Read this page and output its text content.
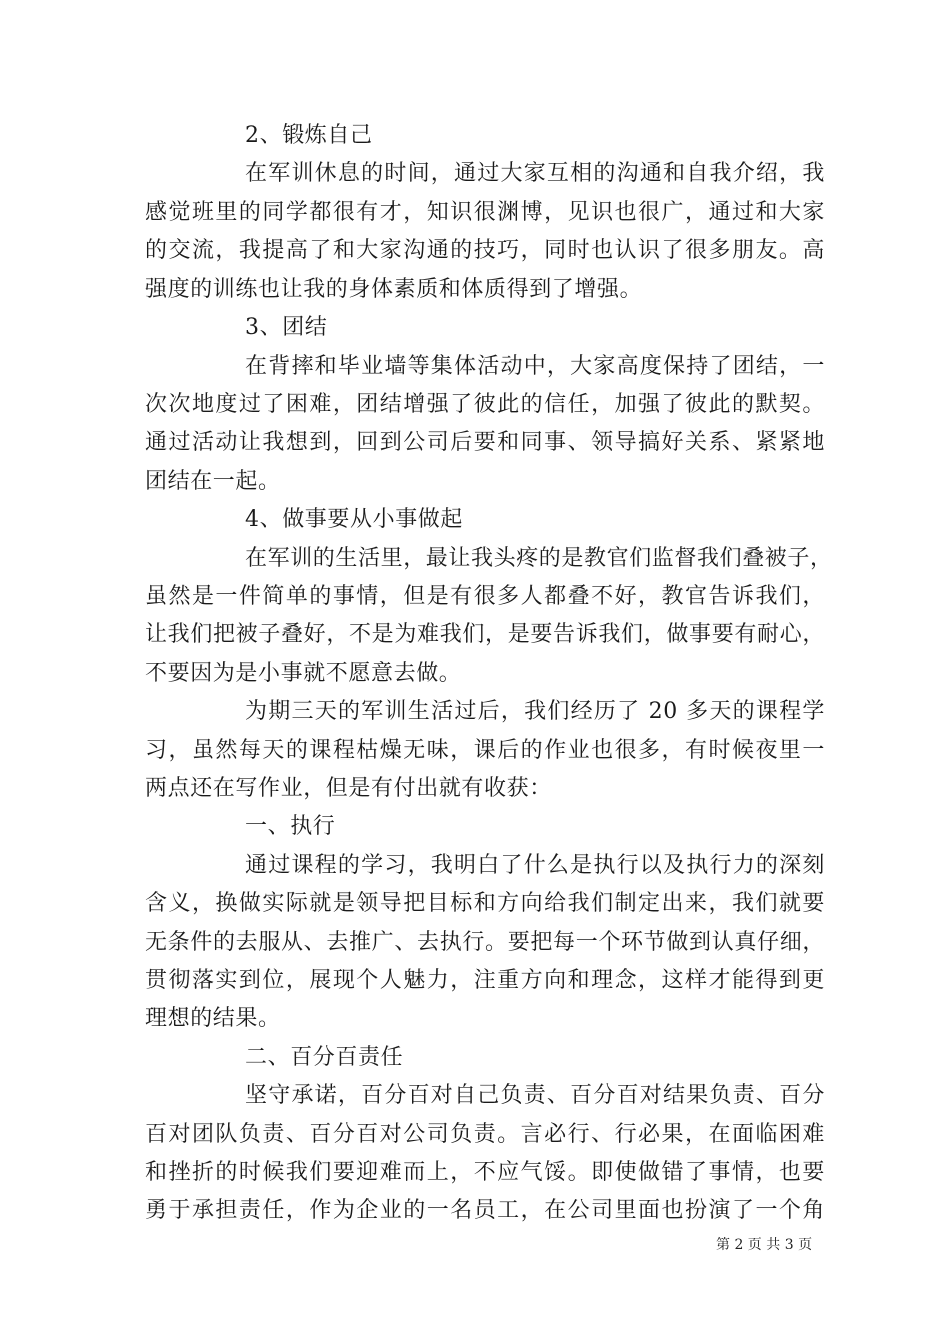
2、锻炼自己
在军训休息的时间，通过大家互相的沟通和自我介绍，我
感觉班里的同学都很有才，知识很渊博，见识也很广，通过和大家
的交流，我提高了和大家沟通的技巧，同时也认识了很多朋友。高
强度的训练也让我的身体素质和体质得到了增强。
3、团结
在背摔和毕业墙等集体活动中，大家高度保持了团结，一
次次地度过了困难，团结增强了彼此的信任，加强了彼此的默契。
通过活动让我想到，回到公司后要和同事、领导搞好关系、紧紧地
团结在一起。
4、做事要从小事做起
在军训的生活里，最让我头疼的是教官们监督我们叠被子，
虽然是一件简单的事情，但是有很多人都叠不好，教官告诉我们，
让我们把被子叠好，不是为难我们，是要告诉我们，做事要有耐心，
不要因为是小事就不愿意去做。
为期三天的军训生活过后，我们经历了 20 多天的课程学
习，虽然每天的课程枯燥无味，课后的作业也很多，有时候夜里一
两点还在写作业，但是有付出就有收获：
一、执行
通过课程的学习，我明白了什么是执行以及执行力的深刻
含义，换做实际就是领导把目标和方向给我们制定出来，我们就要
无条件的去服从、去推广、去执行。要把每一个环节做到认真仔细，
贯彻落实到位，展现个人魅力，注重方向和理念，这样才能得到更
理想的结果。
二、百分百责任
坚守承诺，百分百对自己负责、百分百对结果负责、百分
百对团队负责、百分百对公司负责。言必行、行必果，在面临困难
和挫折的时候我们要迎难而上，不应气馁。即使做错了事情，也要
勇于承担责任，作为企业的一名员工，在公司里面也扮演了一个角
第 2 页 共 3 页
